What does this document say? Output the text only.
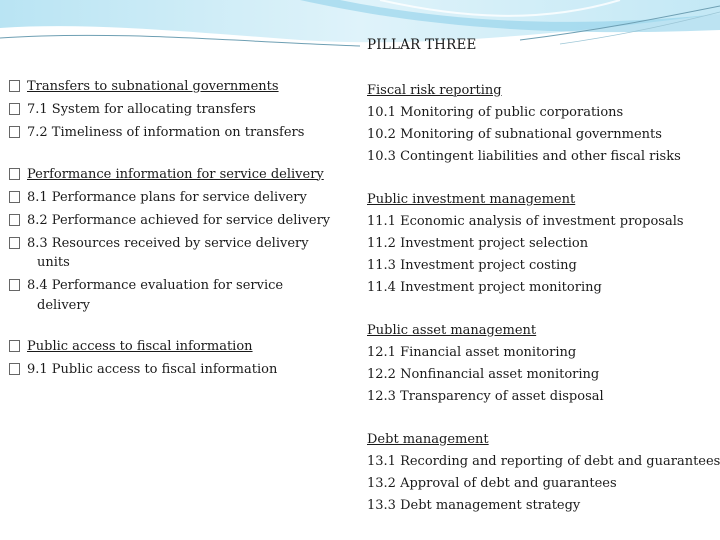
PILLAR THREE
Transfers to subnational governments
7.1 System for allocating transfers
7.2 Timeliness of information on transfers
Performance information for service delivery
8.1 Performance plans for service delivery
8.2 Performance achieved for service delivery
8.3 Resources received by service delivery
units
8.4 Performance evaluation for service
delivery
Public access to fiscal information
9.1 Public access to fiscal information
Fiscal risk reporting
10.1 Monitoring of public corporations
10.2 Monitoring of subnational governments
10.3 Contingent liabilities and other fiscal risks
Public investment management
11.1 Economic analysis of investment proposals
11.2 Investment project selection
11.3 Investment project costing
11.4 Investment project monitoring
Public asset management
12.1 Financial asset monitoring
12.2 Nonfinancial asset monitoring
12.3 Transparency of asset disposal
Debt management
13.1 Recording and reporting of debt and guarantees
13.2 Approval of debt and guarantees
13.3 Debt management strategy
